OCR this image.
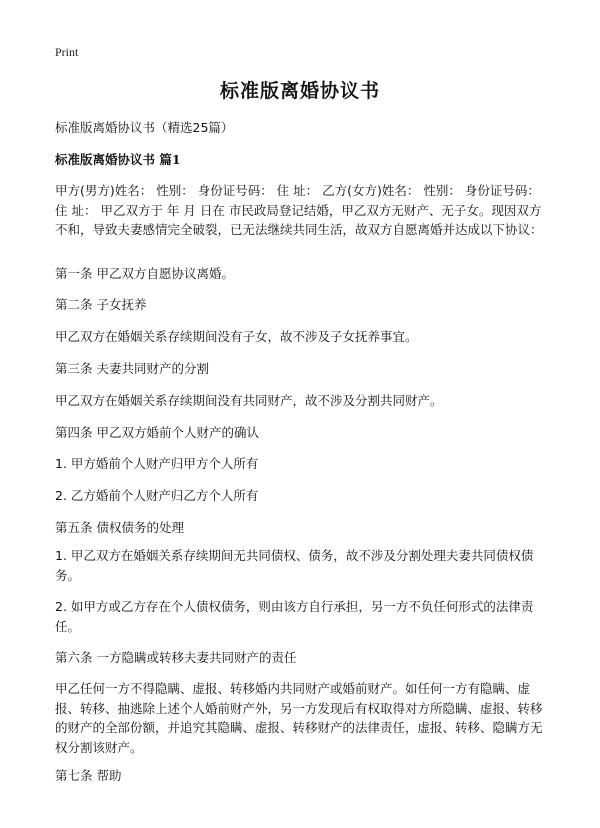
Print
标准版离婚协议书
标准版离婚协议书（精选25篇）
标准版离婚协议书 篇1
甲方(男方)姓名： 性别： 身份证号码： 住 址： 乙方(女方)姓名： 性别： 身份证号码： 住 址： 甲乙双方于 年 月 日在 市民政局登记结婚，甲乙双方无财产、无子女。现因双方 不和，导致夫妻感情完全破裂，已无法继续共同生活，故双方自愿离婚并达成以下协议：
第一条 甲乙双方自愿协议离婚。
第二条 子女抚养
甲乙双方在婚姻关系存续期间没有子女，故不涉及子女抚养事宜。
第三条 夫妻共同财产的分割
甲乙双方在婚姻关系存续期间没有共同财产，故不涉及分割共同财产。
第四条 甲乙双方婚前个人财产的确认
1. 甲方婚前个人财产归甲方个人所有
2. 乙方婚前个人财产归乙方个人所有
第五条 债权债务的处理
1. 甲乙双方在婚姻关系存续期间无共同债权、债务，故不涉及分割处理夫妻共同债权债务。
2. 如甲方或乙方存在个人债权债务，则由该方自行承担，另一方不负任何形式的法律责任。
第六条 一方隐瞒或转移夫妻共同财产的责任
甲乙任何一方不得隐瞒、虚报、转移婚内共同财产或婚前财产。如任何一方有隐瞒、虚报、转移、抽逃除上述个人婚前财产外，另一方发现后有权取得对方所隐瞒、虚报、转移的财产的全部份额，并追究其隐瞒、虚报、转移财产的法律责任，虚报、转移、隐瞒方无权分割该财产。
第七条 帮助
